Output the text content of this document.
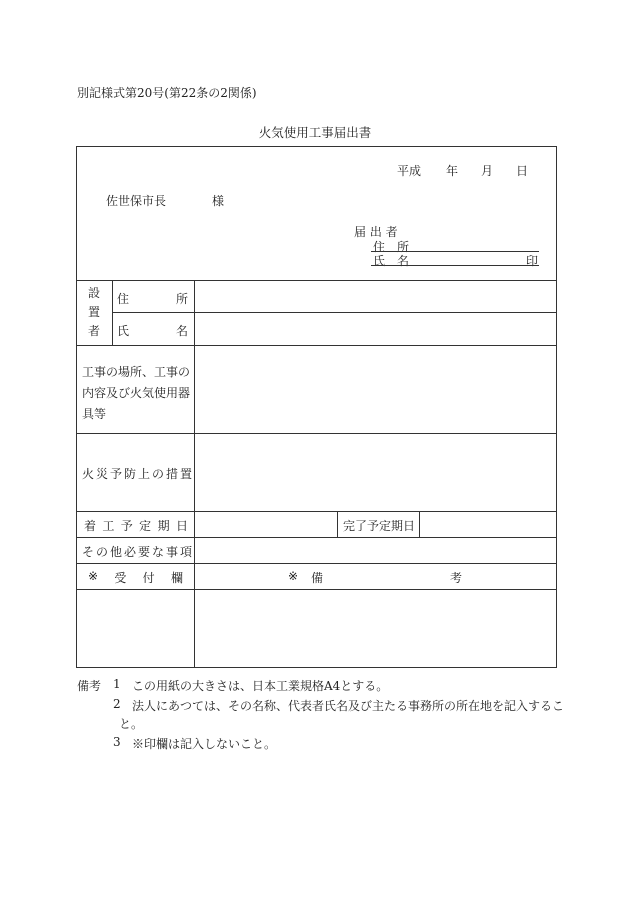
別記様式第20号(第22条の2関係)
火気使用工事届出書
平成 年 月 日
佐世保市長	様
届 出 者
住　所
氏　名	印
設
置
者
住	所
氏	名
工事の場所、工事の
内容及び火気使用器
具等
火災予防上の措置
着 工 予 定 期 日	完了予定期日
その他必要な事項
※ 受 付 欄	※ 備	考
備考 1 この用紙の大きさは、日本工業規格A4とする。
2 法人にあつては、その名称、代表者氏名及び主たる事務所の所在地を記入するこ
と。
3 ※印欄は記入しないこと。
